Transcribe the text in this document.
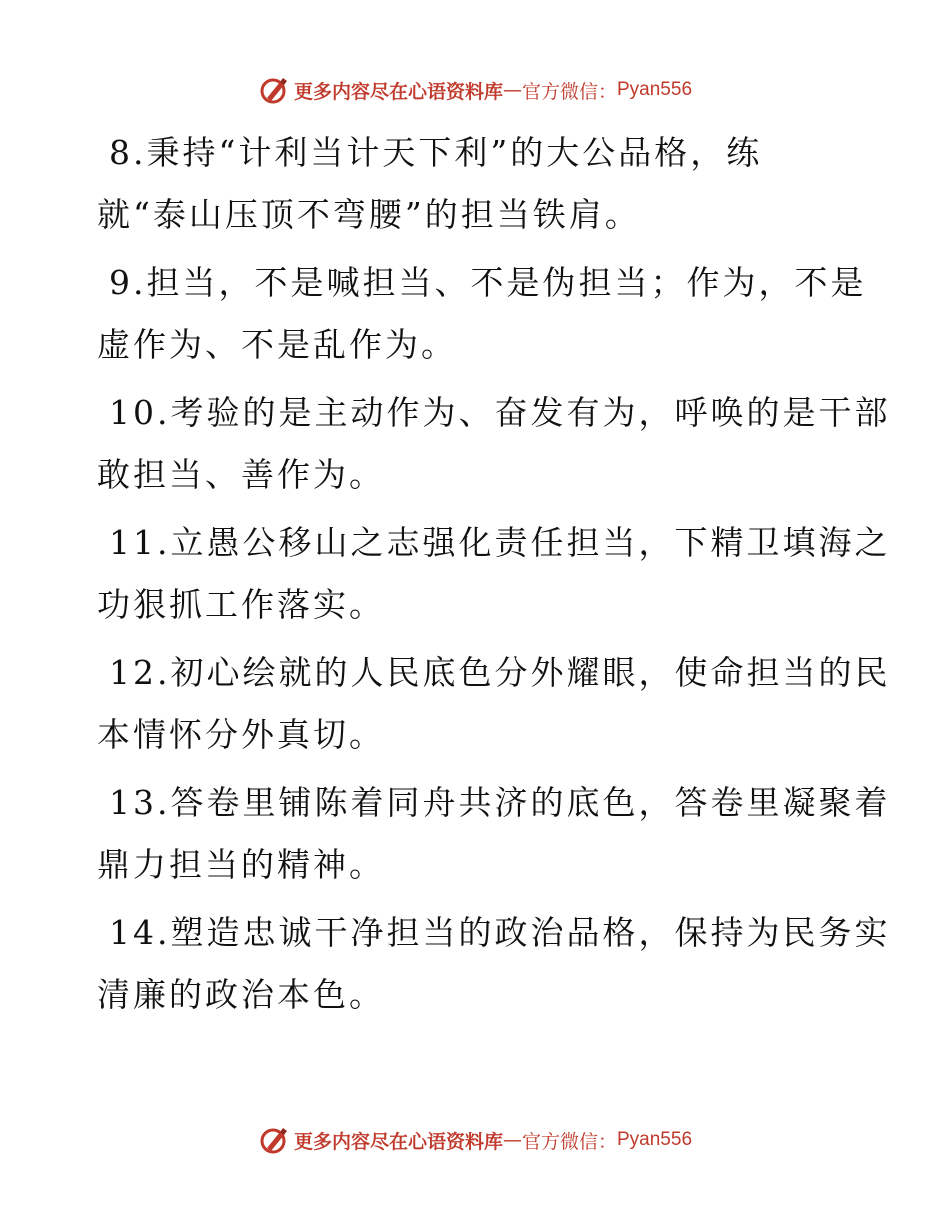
更多内容尽在心语资料库 — 官方微信： Pyan556
8.秉持“计利当计天下利”的大公品格，练
就“泰山压顶不弯腰”的担当铁肩。
9.担当，不是喊担当、不是伪担当；作为，不是
虚作为、不是乱作为。
10.考验的是主动作为、奋发有为，呼唤的是干部
敢担当、善作为。
11.立愚公移山之志强化责任担当，下精卫填海之
功狠抓工作落实。
12.初心绘就的人民底色分外耀眼，使命担当的民
本情怀分外真切。
13.答卷里铺陈着同舟共济的底色，答卷里凝聚着
鼎力担当的精神。
14.塑造忠诚干净担当的政治品格，保持为民务实
清廉的政治本色。
更多内容尽在心语资料库 — 官方微信： Pyan556
